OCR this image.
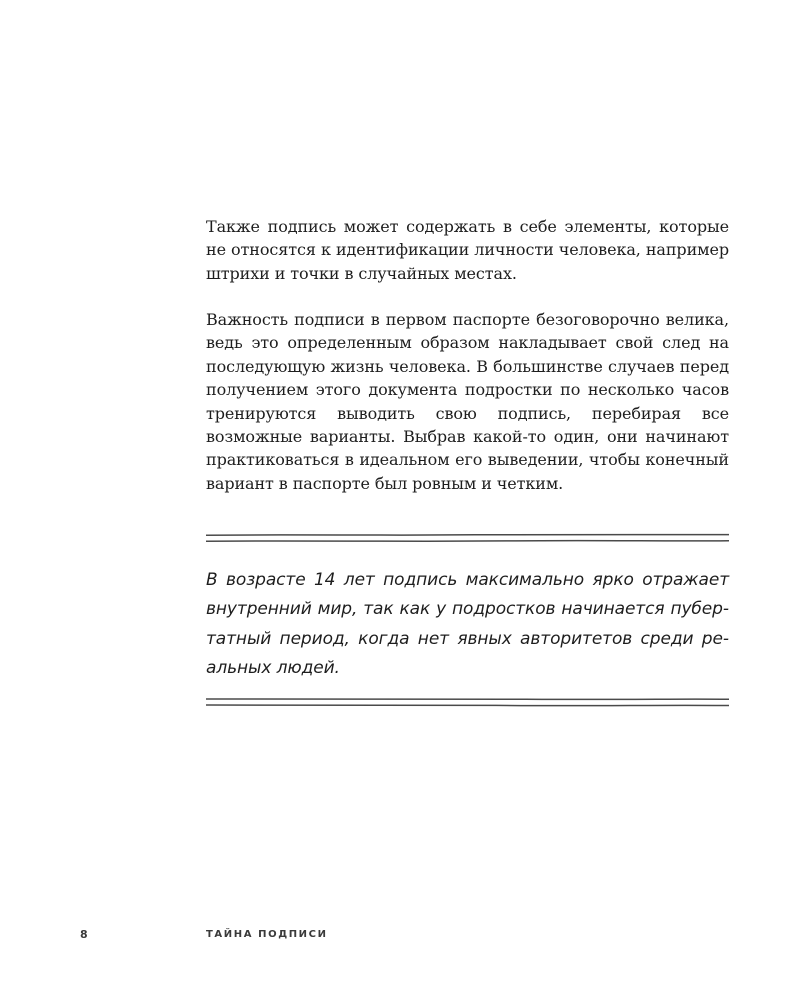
Также подпись может содержать в себе элементы, которые не относятся к идентификации личности человека, например штрихи и точки в случайных местах.

Важность подписи в первом паспорте безоговорочно велика, ведь это определенным образом накладывает свой след на последующую жизнь человека. В большинстве случаев перед получением этого документа подростки по несколько часов тренируются выводить свою подпись, перебирая все возможные варианты. Выбрав какой-то один, они начинают практиковаться в идеальном его выведении, чтобы конечный вариант в паспорте был ровным и четким.

В возрасте 14 лет подпись максимально ярко отражает внутренний мир, так как у подростков начинается пубертатный период, когда нет явных авторитетов среди реальных людей.

8	ТАЙНА ПОДПИСИ
